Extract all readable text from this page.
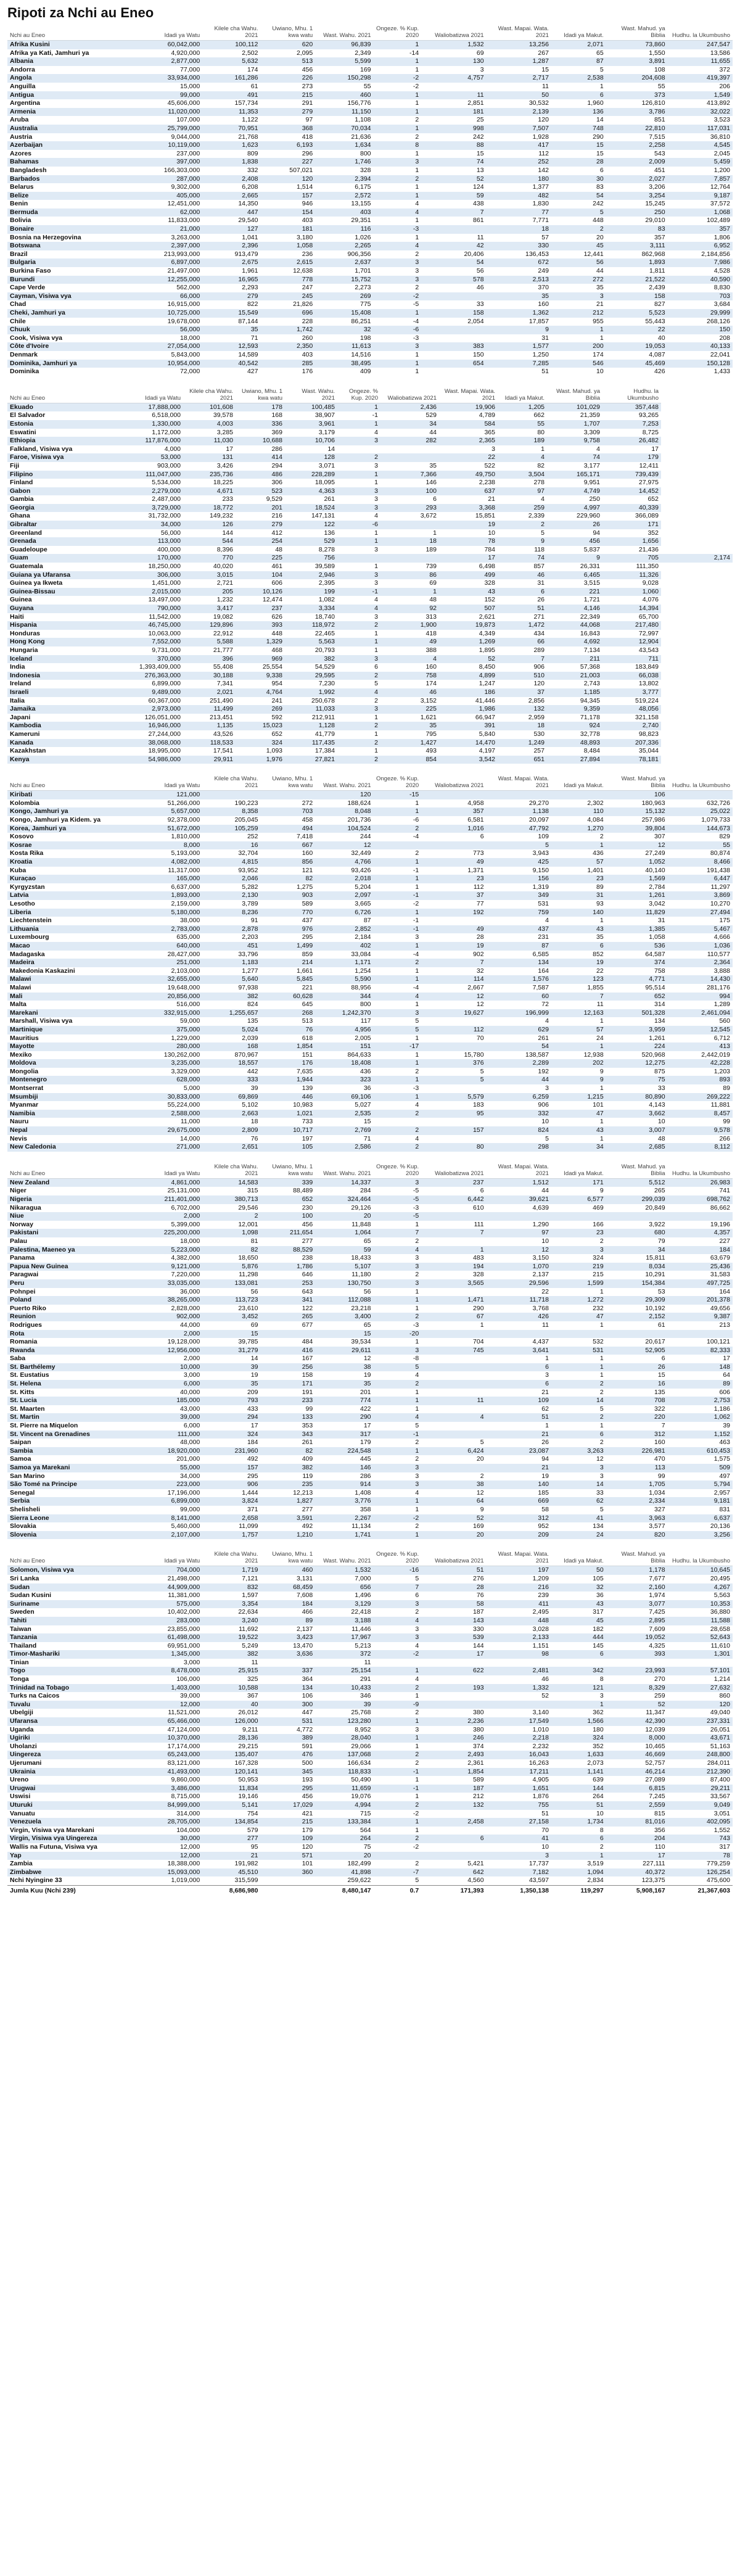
Ripoti za Nchi au Eneo
Nchi au Eneo	Idadi ya Watu	Kilele cha Wahu. 2021	Uwiano, Mhu. 1 kwa watu	Wast. Wahu. 2021	Ongeze. % Kup. 2020	Waliobatizwa 2021	Wast. Mapai. Wata. 2021	Idadi ya Makut.	Wast. Mahud. ya Biblia	Hudhu. la Ukumbusho
Afrika Kusini	60,042,000	100,112	620	96,839	1	1,532	13,256	2,071	73,860	247,547
Afrika ya Kati, Jamhuri ya	4,920,000	2,502	2,095	2,349	-14	69	267	65	1,550	13,586
Albania	2,877,000	5,632	513	5,599	1	130	1,287	87	3,891	11,655
Andorra	77,000	174	456	169	1	3	15	5	108	372
Angola	33,934,000	161,286	226	150,298	-2	4,757	2,717	2,538	204,608	419,397
Anguilla	15,000	61	273	55	-2		11	1	55	206
Antigua	99,000	491	215	460	1	11	50	6	373	1,549
Argentina	45,606,000	157,734	291	156,776	1	2,851	30,532	1,960	126,810	413,892
Armenia	11,020,000	11,353	279	11,150	1	181	2,139	136	3,786	32,022
Aruba	107,000	1,122	97	1,108	2	25	120	14	851	3,523
Australia	25,799,000	70,951	368	70,034	1	998	7,507	748	22,810	117,031
Austria	9,044,000	21,768	418	21,636	2	242	1,928	290	7,515	36,810
Azerbaijan	10,119,000	1,623	6,193	1,634	8	88	417	15	2,258	4,545
Azores	237,000	809	296	800	1	15	112	15	543	2,045
Bahamas	397,000	1,838	227	1,746	3	74	252	28	2,009	5,459
Bangladesh	166,303,000	332	507,021	328	1	13	142	6	451	1,200
Barbados	287,000	2,408	120	2,394	2	52	180	30	2,027	7,857
Belarus	9,302,000	6,208	1,514	6,175	1	124	1,377	83	3,206	12,764
Belize	405,000	2,665	157	2,572	1	59	482	54	3,254	9,187
Benin	12,451,000	14,350	946	13,155	4	438	1,830	242	15,245	37,572
Bermuda	62,000	447	154	403	4	7	77	5	250	1,068
Bolivia	11,833,000	29,540	403	29,351	1	861	7,771	448	29,010	102,489
Bonaire	21,000	127	181	116	-3		18	2	83	357
Bosnia na Herzegovina	3,263,000	1,041	3,180	1,026	1	11	57	20	357	1,806
Botswana	2,397,000	2,396	1,058	2,265	4	42	330	45	3,111	6,952
Brazil	213,993,000	913,479	236	906,356	2	20,406	136,453	12,441	862,968	2,184,856
Bulgaria	6,897,000	2,675	2,615	2,637	3	54	672	56	1,893	7,986
Burkina Faso	21,497,000	1,961	12,638	1,701	3	56	249	44	1,811	4,528
Burundi	12,255,000	16,965	778	15,752	3	578	2,513	272	21,522	40,590
Cape Verde	562,000	2,293	247	2,273	2	46	370	35	2,439	8,830
Cayman, Visiwa vya	66,000	279	245	269	-2		35	3	158	703
Chad	16,915,000	822	21,826	775	-5	33	160	21	827	3,684
Cheki, Jamhuri ya	10,725,000	15,549	696	15,408	1	158	1,362	212	5,523	29,999
Chile	19,678,000	87,144	228	86,251	-4	2,054	17,857	955	55,443	268,126
Chuuk	56,000	35	1,742	32	-6		9	1	22	150
Cook, Visiwa vya	18,000	71	260	198	-3		31	1	40	208
Côte d'Ivoire	27,054,000	12,593	2,350	11,613	3	383	1,577	200	19,053	40,133
Denmark	5,843,000	14,589	403	14,516	1	150	1,250	174	4,087	22,041
Dominika, Jamhuri ya	10,954,000	40,542	285	38,495	1	654	7,285	546	45,469	150,128
Dominika	72,000	427	176	409	1		51	10	426	1,433
Nchi au Eneo	Idadi ya Watu	Kilele cha Wahu. 2021	Uwiano, Mhu. 1 kwa watu	Wast. Wahu. 2021	Ongeze. % Kup. 2020	Waliobatizwa 2021	Wast. Mapai. Wata. 2021	Idadi ya Makut.	Wast. Mahud. ya Biblia	Hudhu. la Ukumbusho	
Ekuado	17,888,000	101,608	178	100,485	1	2,436	19,906	1,205	101,029	357,448	
El Salvador	6,518,000	39,578	168	38,907	-1	529	4,789	662	21,359	93,265	
Estonia	1,330,000	4,003	336	3,961	1	34	584	55	1,707	7,253	
Eswatini	1,172,000	3,285	369	3,179	4	44	365	80	3,309	8,725	
Ethiopia	117,876,000	11,030	10,688	10,706	3	282	2,365	189	9,758	26,482	
Falkland, Visiwa vya	4,000	17	286	14			3	1	4	17	
Faroe, Visiwa vya	53,000	131	414	128	2		22	4	74	179	
Fiji	903,000	3,426	294	3,071	3	35	522	82	3,177	12,411	
Filipino	111,047,000	235,736	486	228,289	1	7,366	49,750	3,504	165,171	739,439	
Finland	5,534,000	18,225	306	18,095	1	146	2,238	278	9,951	27,975	
Gabon	2,279,000	4,671	523	4,363	3	100	637	97	4,749	14,452	
Gambia	2,487,000	233	9,529	261	3	6	21	4	250	652	
Georgia	3,729,000	18,772	201	18,524	3	293	3,368	259	4,997	40,339	
Ghana	31,732,000	149,232	216	147,131	4	3,672	15,851	2,339	229,960	366,089	
Gibraltar	34,000	126	279	122	-6		19	2	26	171	
Greenland	56,000	144	412	136	1	1	10	5	94	352	
Grenada	113,000	544	254	529	1	18	78	9	456	1,656	
Guadeloupe	400,000	8,396	48	8,278	3	189	784	118	5,837	21,436	
Guam	170,000	770	225	756			17	74	9	705	2,174
Guatemala	18,250,000	40,020	461	39,589	1	739	6,498	857	26,331	111,350	
Guiana ya Ufaransa	306,000	3,015	104	2,946	3	86	499	46	6,465	11,326	
Guinea ya Ikweta	1,451,000	2,721	606	2,395	3	69	328	31	3,515	9,028	
Guinea-Bissau	2,015,000	205	10,126	199	-1	1	43	6	221	1,060	
Guinea	13,497,000	1,232	12,474	1,082	4	48	152	26	1,721	4,076	
Guyana	790,000	3,417	237	3,334	4	92	507	51	4,146	14,394	
Haiti	11,542,000	19,082	626	18,740	3	313	2,621	271	22,349	65,700	
Hispania	46,745,000	129,896	393	118,972	2	1,900	19,873	1,472	44,068	217,480	
Honduras	10,063,000	22,912	448	22,465	1	418	4,349	434	16,843	72,997	
Hong Kong	7,552,000	5,588	1,329	5,563	1	49	1,269	66	4,692	12,904	
Hungaria	9,731,000	21,777	468	20,793	1	388	1,895	289	7,134	43,543	
Iceland	370,000	396	969	382	3	4	52	7	211	711	
India	1,393,409,000	55,408	25,554	54,529	6	160	8,450	906	57,368	183,849	
Indonesia	276,363,000	30,188	9,338	29,595	2	758	4,899	510	21,003	66,038	
Ireland	6,899,000	7,341	954	7,230	5	174	1,247	120	2,743	13,802	
Israeli	9,489,000	2,021	4,764	1,992	4	46	186	37	1,185	3,777	
Italia	60,367,000	251,490	241	250,678	2	3,152	41,446	2,856	94,345	519,224	
Jamaika	2,973,000	11,499	269	11,033	3	225	1,986	132	9,359	48,056	
Japani	126,051,000	213,451	592	212,911	1	1,621	66,947	2,959	71,178	321,158	
Kambodia	16,946,000	1,135	15,023	1,128	2	35	391	18	924	2,740	
Kameruni	27,244,000	43,526	652	41,779	1	795	5,840	530	32,778	98,823	
Kanada	38,068,000	118,533	324	117,435	2	1,427	14,470	1,249	48,893	207,336	
Kazakhstan	18,995,000	17,541	1,093	17,384	1	493	4,197	257	8,484	35,044	
Kenya	54,986,000	29,911	1,976	27,821	2	854	3,542	651	27,894	78,181	
Nchi au Eneo	Idadi ya Watu	Kilele cha Wahu. 2021	Uwiano, Mhu. 1 kwa watu	Wast. Wahu. 2021	Ongeze. % Kup. 2020	Waliobatizwa 2021	Wast. Mapai. Wata. 2021	Idadi ya Makut.	Wast. Mahud. ya Biblia	Hudhu. la Ukumbusho
Kiribati	121,000			120	-15				106	
Kolombia	51,266,000	190,223	272	188,624	1	4,958	29,270	2,302	180,963	632,726
Kongo, Jamhuri ya	5,657,000	8,358	703	8,048	1	357	1,138	110	15,132	25,022
Kongo, Jamhuri ya Kidem. ya	92,378,000	205,045	458	201,736	-6	6,581	20,097	4,084	257,986	1,079,733
Korea, Jamhuri ya	51,672,000	105,259	494	104,524	2	1,016	47,792	1,270	39,804	144,673
Kosovo	1,810,000	252	7,418	244	-4	6	109	2	307	829
Kosrae	8,000	16	667	12			5	1	12	55
Kosta Rika	5,193,000	32,704	160	32,449	2	773	3,943	436	27,249	80,874
Kroatia	4,082,000	4,815	856	4,766	1	49	425	57	1,052	8,466
Kuba	11,317,000	93,952	121	93,426	-1	1,371	9,150	1,401	40,140	191,438
Kurac̦ao	165,000	2,046	82	2,018	1	23	156	23	1,569	6,447
Kyrgyzstan	6,637,000	5,282	1,275	5,204	1	112	1,319	89	2,784	11,297
Latvia	1,893,000	2,130	903	2,097	-1	37	349	31	1,261	3,869
Lesotho	2,159,000	3,789	589	3,665	-2	77	531	93	3,042	10,270
Liberia	5,180,000	8,236	770	6,726	1	192	759	140	11,829	27,494
Liechtenstein	38,000	91	437	87	-1		4	1	31	175
Lithuania	2,783,000	2,878	976	2,852	-1	49	437	43	1,385	5,467
Luxembourg	635,000	2,203	295	2,184	3	28	231	35	1,058	4,666
Macao	640,000	451	1,499	402	1	19	87	6	536	1,036
Madagaska	28,427,000	33,796	859	33,084	-4	902	6,585	852	64,587	110,577
Madeira	251,000	1,183	214	1,171	2	7	134	19	374	2,364
Makedonia Kaskazini	2,103,000	1,277	1,661	1,254	1	32	164	22	758	3,888
Malawi	32,655,000	5,640	5,845	5,590	1	114	1,576	123	4,771	14,430
Malawi	19,648,000	97,938	221	88,956	-4	2,667	7,587	1,855	95,514	281,176
Mali	20,856,000	382	60,628	344	4	12	60	7	652	994
Malta	516,000	824	645	800	1	12	72	11	314	1,289
Marekani	332,915,000	1,255,657	268	1,242,370	3	19,627	196,999	12,163	501,328	2,461,094
Marshall, Visiwa vya	59,000	135	513	117	5		4	1	134	560
Martinique	375,000	5,024	76	4,956	5	112	629	57	3,959	12,545
Mauritius	1,229,000	2,039	618	2,005	1	70	261	24	1,261	6,712
Mayotte	280,000	168	1,854	151	-17		54	1	224	413
Mexiko	130,262,000	870,967	151	864,633	1	15,780	138,587	12,938	520,968	2,442,019
Moldova	3,235,000	18,557	176	18,408	1	376	2,289	202	12,275	42,228
Mongolia	3,329,000	442	7,635	436	2	5	192	9	875	1,203
Montenegro	628,000	333	1,944	323	1	5	44	9	75	893
Montserrat	5,000	39	139	36	-3		3	1	33	89
Msumbiji	30,833,000	69,869	446	69,106	1	5,579	6,259	1,215	80,890	269,222
Myanmar	55,224,000	5,102	10,983	5,027	4	183	906	101	4,143	11,881
Namibia	2,588,000	2,663	1,021	2,535	2	95	332	47	3,662	8,457
Nauru	11,000	18	733	15			10	1	10	99
Nepal	29,675,000	2,809	10,717	2,769	2	157	824	43	3,007	9,578
Nevis	14,000	76	197	71	4		5	1	48	266
New Caledonia	271,000	2,651	105	2,586	2	80	298	34	2,685	8,112
Nchi au Eneo	Idadi ya Watu	Kilele cha Wahu. 2021	Uwiano, Mhu. 1 kwa watu	Wast. Wahu. 2021	Ongeze. % Kup. 2020	Waliobatizwa 2021	Wast. Mapai. Wata. 2021	Idadi ya Makut.	Wast. Mahud. ya Biblia	Hudhu. la Ukumbusho
New Zealand	4,861,000	14,583	339	14,337	3	237	1,512	171	5,512	26,983
Niger	25,131,000	315	88,489	284	-5	6	44	9	265	741
Nigeria	211,401,000	380,713	652	324,464	-5	6,442	39,621	6,577	299,039	698,762
Nikaragua	6,702,000	29,546	230	29,126	-3	610	4,639	469	20,849	86,662
Niue	2,000	2	100	20	-5					
Norway	5,399,000	12,001	456	11,848	1	111	1,290	166	3,922	19,196
Pakistani	225,200,000	1,098	211,654	1,064	7	7	97	23	680	4,357
Palau	18,000	81	277	65	2		10	2	79	227
Palestina, Maeneo ya	5,223,000	82	88,529	59	4	1	12	3	34	184
Panama	4,382,000	18,650	238	18,433	3	483	3,150	324	15,811	63,679
Papua New Guinea	9,121,000	5,876	1,786	5,107	3	194	1,070	219	8,034	25,436
Paragwai	7,220,000	11,298	646	11,180	2	328	2,137	215	10,291	31,583
Peru	33,035,000	133,081	253	130,750	3	3,565	29,596	1,599	154,384	497,725
Pohnpei	36,000	56	643	56	1		22	1	53	164
Poland	38,265,000	113,723	341	112,088	1	1,471	11,718	1,272	29,309	201,378
Puerto Riko	2,828,000	23,610	122	23,218	1	290	3,768	232	10,192	49,656
Reunion	902,000	3,452	265	3,400	2	67	426	47	2,152	9,387
Rodrigues	44,000	69	677	65	-3	1	11	1	61	213
Rota	2,000	15		15	-20					
Romania	19,128,000	39,785	484	39,534	1	704	4,437	532	20,617	100,121
Rwanda	12,956,000	31,279	416	29,611	3	745	3,641	531	52,905	82,333
Saba	2,000	14	167	12	-8		1	1	6	17
St. Barthélemy	10,000	39	256	38	5		6	1	26	148
St. Eustatius	3,000	19	158	19	4		3	1	15	64
St. Helena	6,000	35	171	35	2		6	2	16	89
St. Kitts	40,000	209	191	201	1		21	2	135	606
St. Lucia	185,000	793	233	774	1	11	109	14	708	2,753
St. Maarten	43,000	433	99	422	1		62	5	322	1,186
St. Martin	39,000	294	133	290	4	4	51	2	220	1,062
St. Pierre na Miquelon	6,000	17	353	17	5		1	1	7	39
St. Vincent na Grenadines	111,000	324	343	317	-1		21	6	312	1,152
Saipan	48,000	184	261	179	2	5	26	2	160	463
Sambia	18,920,000	231,960	82	224,548	1	6,424	23,087	3,263	226,981	610,453
Samoa	201,000	492	409	445	2	20	94	12	470	1,575
Samoa ya Marekani	55,000	157	382	146	3		21	3	113	509
San Marino	34,000	295	119	286	3	2	19	3	99	497
São Tomé na Principe	223,000	906	235	914	3	38	140	14	1,705	5,794
Senegal	17,196,000	1,444	12,213	1,408	4	12	185	33	1,034	2,957
Serbia	6,899,000	3,824	1,827	3,776	1	64	669	62	2,334	9,181
Shelisheli	99,000	371	277	358	1	9	58	5	327	831
Sierra Leone	8,141,000	2,658	3,591	2,267	-2	52	312	41	3,963	6,637
Slovakia	5,460,000	11,099	492	11,134	2	169	952	134	3,577	20,136
Slovenia	2,107,000	1,757	1,210	1,741	1	20	209	24	820	3,256
Nchi au Eneo	Idadi ya Watu	Kilele cha Wahu. 2021	Uwiano, Mhu. 1 kwa watu	Wast. Wahu. 2021	Ongeze. % Kup. 2020	Waliobatizwa 2021	Wast. Mapai. Wata. 2021	Idadi ya Makut.	Wast. Mahud. ya Biblia	Hudhu. la Ukumbusho
Solomon, Visiwa vya	704,000	1,719	460	1,532	-16	51	197	50	1,178	10,645
Sri Lanka	21,498,000	7,121	3,131	7,000	5	276	1,209	105	7,677	20,495
Sudan	44,909,000	832	68,459	656	7	28	216	32	2,160	4,267
Sudan Kusini	11,381,000	1,597	7,608	1,496	6	76	239	36	1,974	5,563
Suriname	575,000	3,354	184	3,129	3	58	411	43	3,077	10,353
Sweden	10,402,000	22,634	466	22,418	2	187	2,495	317	7,425	36,880
Tahiti	283,000	3,240	89	3,188	4	143	448	45	2,895	11,588
Taiwan	23,855,000	11,692	2,137	11,446	3	330	3,028	182	7,609	28,658
Tanzania	61,498,000	19,522	3,423	17,967	3	539	2,133	444	19,052	52,643
Thailand	69,951,000	5,249	13,470	5,213	4	144	1,151	145	4,325	11,610
Timor-Mashariki	1,345,000	382	3,636	372	-2	17	98	6	393	1,301
Tinian	3,000	11		11						
Togo	8,478,000	25,915	337	25,154	1	622	2,481	342	23,993	57,101
Tonga	106,000	325	364	291	4		46	8	270	1,214
Trinidad na Tobago	1,403,000	10,588	134	10,433	2	193	1,332	121	8,329	27,632
Turks na Caicos	39,000	367	106	346	1		52	3	259	860
Tuvalu	12,000	40	300	39	-9			1	52	120
Ubelgiji	11,521,000	26,012	447	25,768	2	380	3,140	362	11,347	49,040
Ufaransa	65,466,000	126,000	531	123,280	1	2,236	17,549	1,566	42,390	237,331
Uganda	47,124,000	9,211	4,772	8,952	3	380	1,010	180	12,039	26,051
Ugiriki	10,370,000	28,136	389	28,040	1	246	2,218	324	8,000	43,671
Uholanzi	17,174,000	29,215	591	29,066	1	374	2,232	352	10,465	51,163
Uingereza	65,243,000	135,407	476	137,068	2	2,493	16,043	1,633	46,669	248,800
Ujerumani	83,121,000	167,328	500	166,634	2	2,361	16,263	2,073	52,757	284,011
Ukrainia	41,493,000	120,141	345	118,833	-1	1,854	17,211	1,141	46,214	212,390
Ureno	9,860,000	50,953	193	50,490	1	589	4,905	639	27,089	87,400
Urugwai	3,486,000	11,834	295	11,659	-1	187	1,651	144	6,815	29,211
Uswisi	8,715,000	19,146	456	19,076	1	212	1,876	264	7,245	33,567
Uturuki	84,999,000	5,141	17,029	4,994	2	132	755	51	2,559	9,049
Vanuatu	314,000	754	421	715	-2		51	10	815	3,051
Venezuela	28,705,000	134,854	215	133,384	1	2,458	27,158	1,734	81,016	402,095
Virgin, Visiwa vya Marekani	104,000	579	179	564	1		70	8	356	1,552
Virgin, Visiwa vya Uingereza	30,000	277	109	264	2	6	41	6	204	743
Wallis na Futuna, Visiwa vya	12,000	95	120	75	-2		10	2	110	317
Yap	12,000	21	571	20			3	1	17	78
Zambia	18,388,000	191,982	101	182,499	2	5,421	17,737	3,519	227,111	779,259
Zimbabwe	15,093,000	45,510	360	41,898	-7	642	7,182	1,094	40,372	126,254
Nchi Nyingine 33	1,019,000	315,599		259,622	5	4,560	43,597	2,834	123,375	475,600
Jumla Kuu (Nchi 239)		8,686,980		8,480,147	0.7	171,393	1,350,138	119,297	5,908,167	21,367,603
